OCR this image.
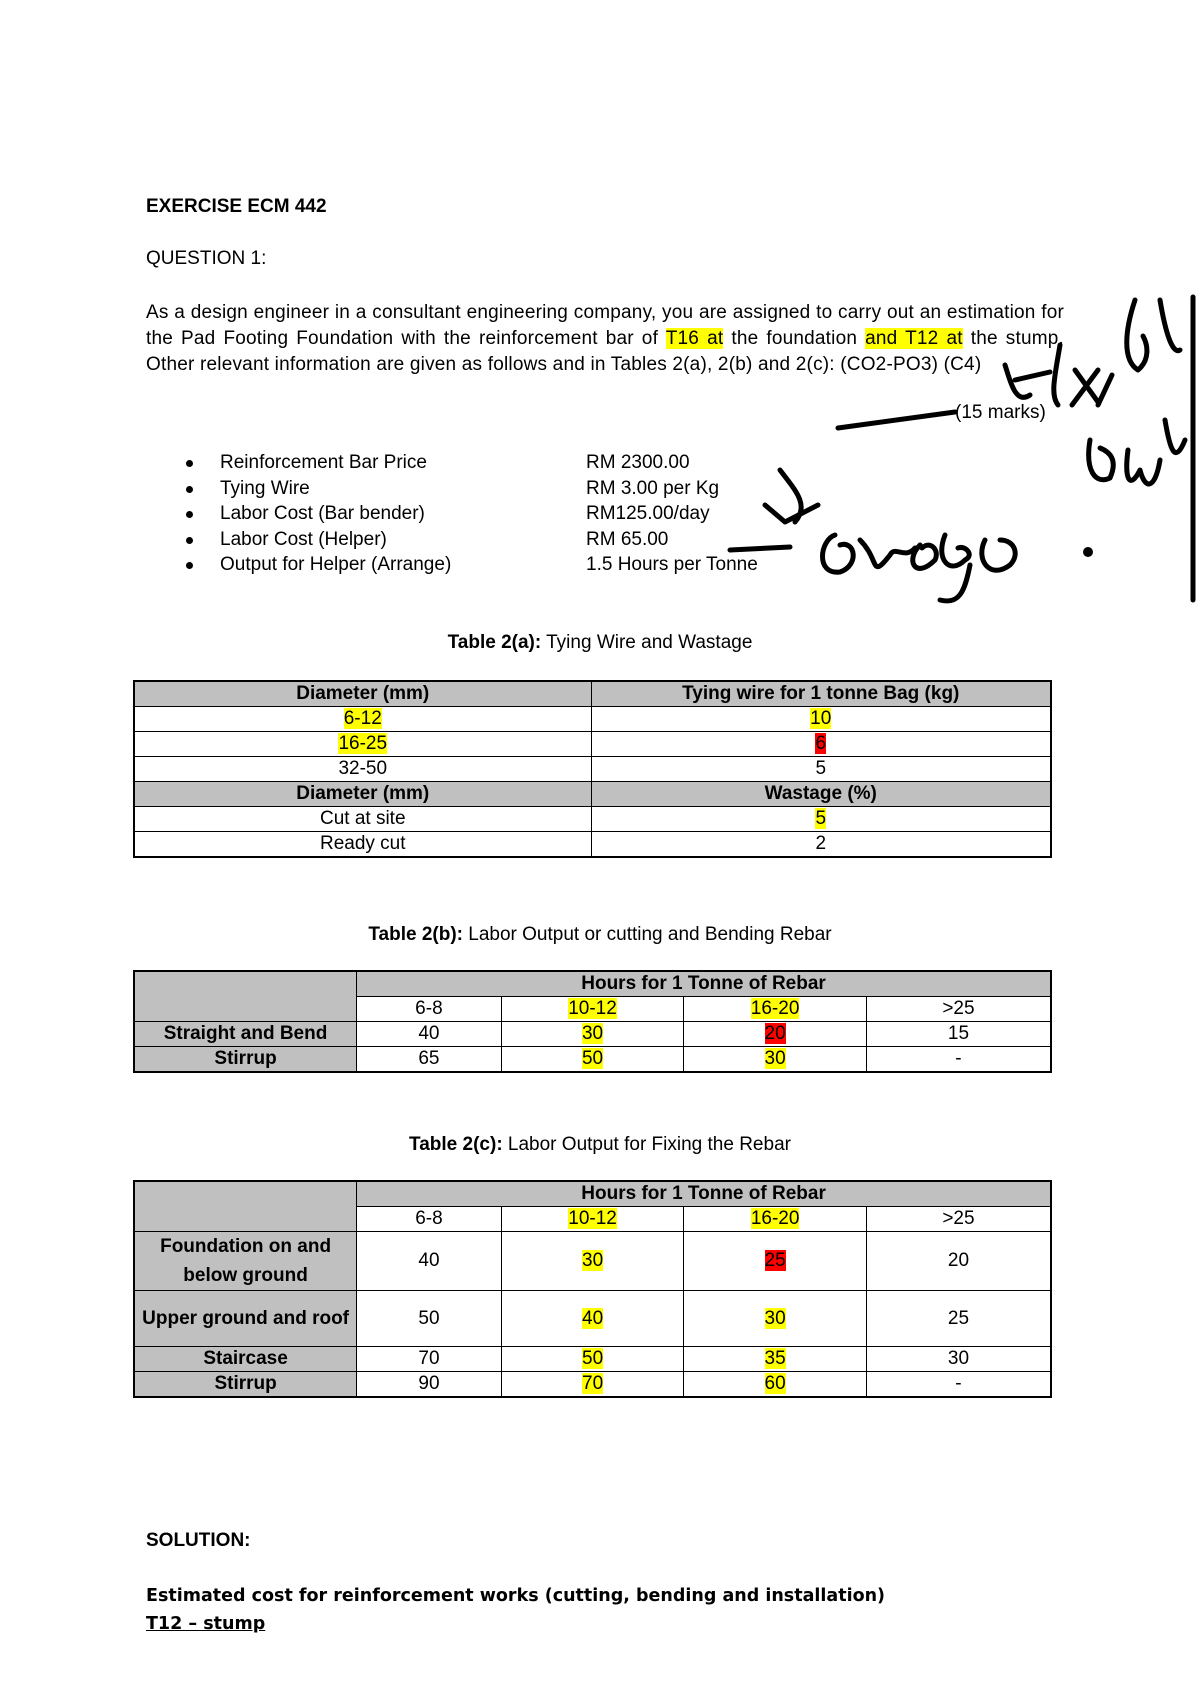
EXERCISE ECM 442
QUESTION 1:
As a design engineer in a consultant engineering company, you are assigned to carry out an estimation for the Pad Footing Foundation with the reinforcement bar of T16 at the foundation and T12 at the stump. Other relevant information are given as follows and in Tables 2(a), 2(b) and 2(c): (CO2-PO3) (C4)
(15 marks)
Reinforcement Bar Price	RM 2300.00
Tying Wire	RM 3.00 per Kg
Labor Cost (Bar bender)	RM125.00/day
Labor Cost (Helper)	RM 65.00
Output for Helper (Arrange)	1.5 Hours per Tonne
Table 2(a): Tying Wire and Wastage
Diameter (mm)	Tying wire for 1 tonne Bag (kg)
6-12	10
16-25	6
32-50	5
Diameter (mm)	Wastage (%)
Cut at site	5
Ready cut	2
Table 2(b): Labor Output or cutting and Bending Rebar
	Hours for 1 Tonne of Rebar			
	6-8	10-12	16-20	>25
Straight and Bend	40	30	20	15
Stirrup	65	50	30	-
Table 2(c): Labor Output for Fixing the Rebar
	Hours for 1 Tonne of Rebar			
	6-8	10-12	16-20	>25
Foundation on and below ground	40	30	25	20
Upper ground and roof	50	40	30	25
Staircase	70	50	35	30
Stirrup	90	70	60	-
SOLUTION:
Estimated cost for reinforcement works (cutting, bending and installation)
T12 – stump
